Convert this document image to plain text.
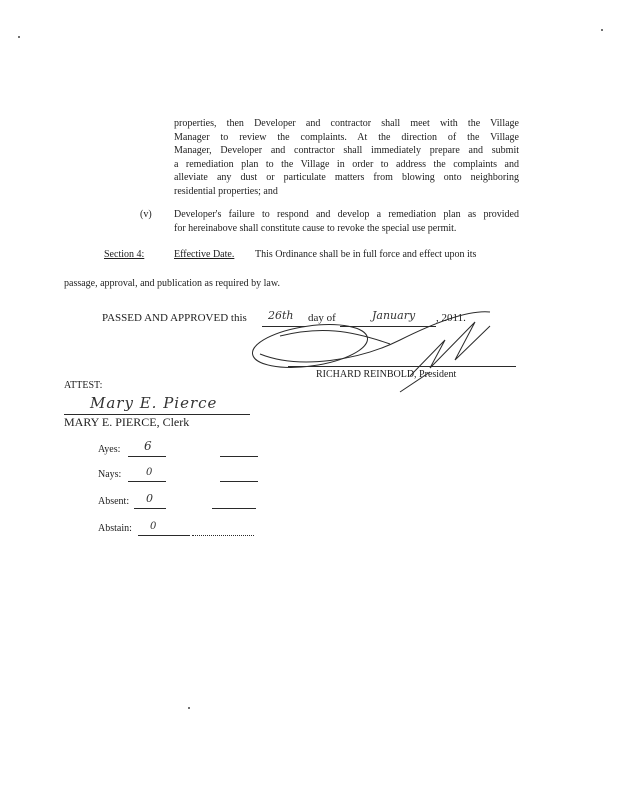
properties, then Developer and contractor shall meet with the Village

Manager to review the complaints. At the direction of the Village

Manager, Developer and contractor shall immediately prepare and submit

a remediation plan to the Village in order to address the complaints and

alleviate any dust or particulate matters from blowing onto neighboring

residential properties; and

(v) Developer's failure to respond and develop a remediation plan as provided

for hereinabove shall constitute cause to revoke the special use permit.

Section 4:	Effective Date. This Ordinance shall be in full force and effect upon its
passage, approval, and publication as required by law.
PASSED AND APPROVED this 26th day of	January , 2011.
RICHARD REINBOLD, President
ATTEST:
Mary E. Pierce
MARY E. PIERCE, Clerk
Ayes: 6
Nays: 0
Absent: 0
Abstain: 0
